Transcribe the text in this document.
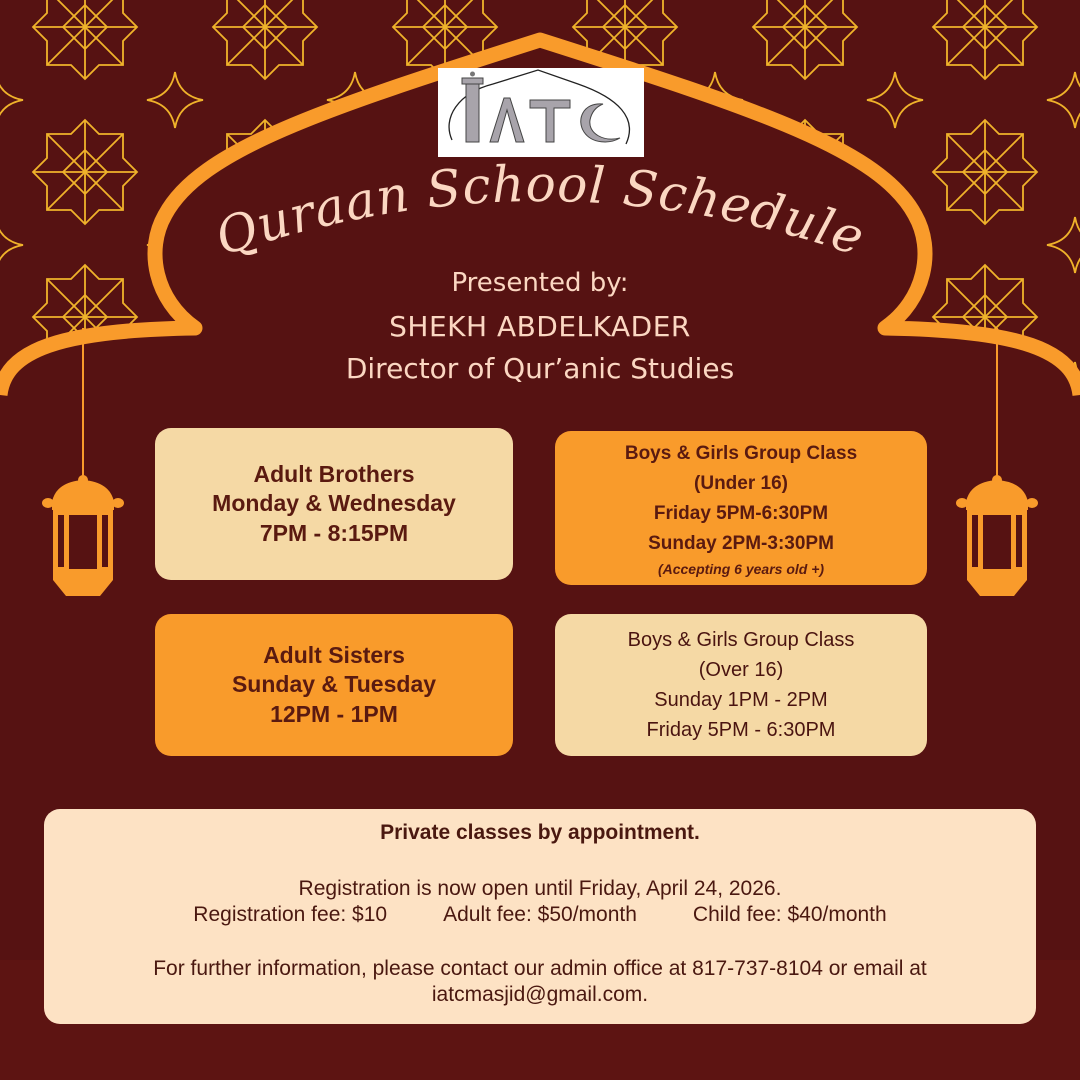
IATC
Quraan School Schedule
Presented by:
SHEKH ABDELKADER
Director of Qur’anic Studies
Adult Brothers
Monday & Wednesday
7PM - 8:15PM
Boys & Girls Group Class
(Under 16)
Friday 5PM-6:30PM
Sunday 2PM-3:30PM
(Accepting 6 years old +)
Adult Sisters
Sunday & Tuesday
12PM - 1PM
Boys & Girls Group Class
(Over 16)
Sunday 1PM - 2PM
Friday 5PM - 6:30PM
Private classes by appointment.
Registration is now open until Friday, April 24, 2026.
Registration fee: $10	Adult fee: $50/month	Child fee: $40/month
For further information, please contact our admin office at 817-737-8104 or email at
iatcmasjid@gmail.com.
